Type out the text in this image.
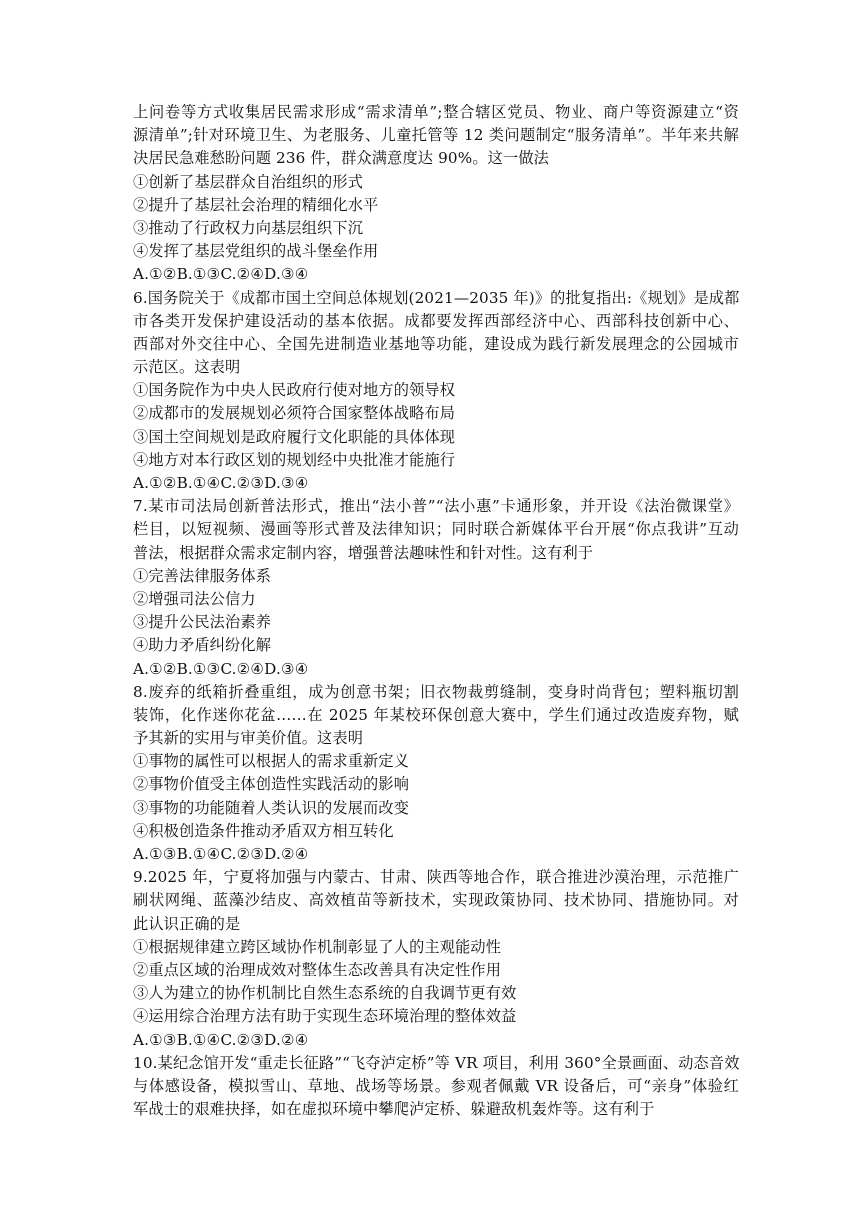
上问卷等方式收集居民需求形成“需求清单”;整合辖区党员、物业、商户等资源建立“资
源清单”;针对环境卫生、为老服务、儿童托管等 12 类问题制定“服务清单”。半年来共解
决居民急难愁盼问题 236 件，群众满意度达 90%。这一做法
①创新了基层群众自治组织的形式
②提升了基层社会治理的精细化水平
③推动了行政权力向基层组织下沉
④发挥了基层党组织的战斗堡垒作用
A.①②B.①③C.②④D.③④
6.国务院关于《成都市国土空间总体规划(2021—2035 年)》的批复指出:《规划》是成都
市各类开发保护建设活动的基本依据。成都要发挥西部经济中心、西部科技创新中心、
西部对外交往中心、全国先进制造业基地等功能，建设成为践行新发展理念的公园城市
示范区。这表明
①国务院作为中央人民政府行使对地方的领导权
②成都市的发展规划必须符合国家整体战略布局
③国土空间规划是政府履行文化职能的具体体现
④地方对本行政区划的规划经中央批准才能施行
A.①②B.①④C.②③D.③④
7.某市司法局创新普法形式，推出“法小普”“法小惠”卡通形象，并开设《法治微课堂》
栏目，以短视频、漫画等形式普及法律知识；同时联合新媒体平台开展“你点我讲”互动
普法，根据群众需求定制内容，增强普法趣味性和针对性。这有利于
①完善法律服务体系
②增强司法公信力
③提升公民法治素养
④助力矛盾纠纷化解
A.①②B.①③C.②④D.③④
8.废弃的纸箱折叠重组，成为创意书架；旧衣物裁剪缝制，变身时尚背包；塑料瓶切割
装饰，化作迷你花盆……在 2025 年某校环保创意大赛中，学生们通过改造废弃物，赋
予其新的实用与审美价值。这表明
①事物的属性可以根据人的需求重新定义
②事物价值受主体创造性实践活动的影响
③事物的功能随着人类认识的发展而改变
④积极创造条件推动矛盾双方相互转化
A.①③B.①④C.②③D.②④
9.2025 年，宁夏将加强与内蒙古、甘肃、陕西等地合作，联合推进沙漠治理，示范推广
刷状网绳、蓝藻沙结皮、高效植苗等新技术，实现政策协同、技术协同、措施协同。对
此认识正确的是
①根据规律建立跨区域协作机制彰显了人的主观能动性
②重点区域的治理成效对整体生态改善具有决定性作用
③人为建立的协作机制比自然生态系统的自我调节更有效
④运用综合治理方法有助于实现生态环境治理的整体效益
A.①③B.①④C.②③D.②④
10.某纪念馆开发“重走长征路”“飞夺泸定桥”等 VR 项目，利用 360°全景画面、动态音效
与体感设备，模拟雪山、草地、战场等场景。参观者佩戴 VR 设备后，可“亲身”体验红
军战士的艰难抉择，如在虚拟环境中攀爬泸定桥、躲避敌机轰炸等。这有利于
